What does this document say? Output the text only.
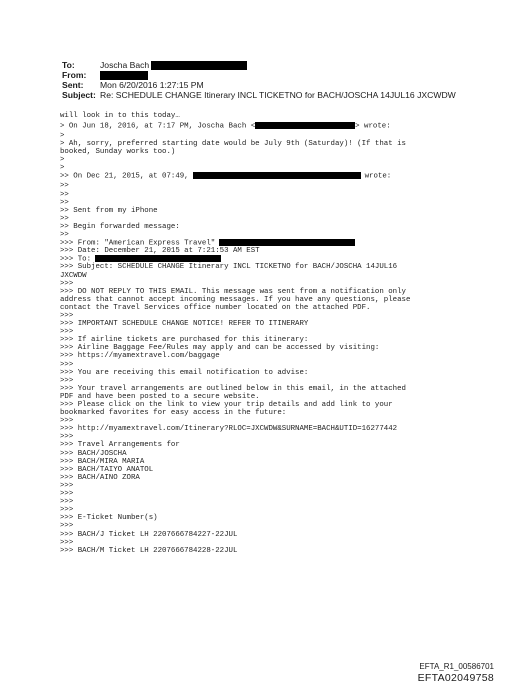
To:	Joscha Bach
From:
Sent:	Mon 6/20/2016 1:27:15 PM
Subject: Re: SCHEDULE CHANGE Itinerary INCL TICKETNO for BACH/JOSCHA 14JUL16 JXCWDW
will look in to this today…
> On Jun 18, 2016, at 7:17 PM, Joscha Bach <	> wrote:
>
> Ah, sorry, preferred starting date would be July 9th (Saturday)! (If that is
booked, Sunday works too.)
>
>
>> On Dec 21, 2015, at 07:49,	wrote:
>>
>>
>>
>> Sent from my iPhone
>>
>> Begin forwarded message:
>>
>>> From: "American Express Travel"
>>> Date: December 21, 2015 at 7:21:53 AM EST
>>> To:
>>> Subject: SCHEDULE CHANGE Itinerary INCL TICKETNO for BACH/JOSCHA 14JUL16
JXCWDW
>>>
>>> DO NOT REPLY TO THIS EMAIL. This message was sent from a notification only
address that cannot accept incoming messages. If you have any questions, please
contact the Travel Services office number located on the attached PDF.
>>>
>>> IMPORTANT SCHEDULE CHANGE NOTICE! REFER TO ITINERARY
>>>
>>> If airline tickets are purchased for this itinerary:
>>> Airline Baggage Fee/Rules may apply and can be accessed by visiting:
>>> https://myamextravel.com/baggage
>>>
>>> You are receiving this email notification to advise:
>>>
>>> Your travel arrangements are outlined below in this email, in the attached
PDF and have been posted to a secure website.
>>> Please click on the link to view your trip details and add link to your
bookmarked favorites for easy access in the future:
>>>
>>> http://myamextravel.com/Itinerary?RLOC=JXCWDW&SURNAME=BACH&UTID=16277442
>>>
>>> Travel Arrangements for
>>> BACH/JOSCHA
>>> BACH/MIRA MARIA
>>> BACH/TAIYO ANATOL
>>> BACH/AINO ZORA
>>>
>>>
>>>
>>>
>>> E-Ticket Number(s)
>>>
>>> BACH/J Ticket LH 2207666784227-22JUL
>>>
>>> BACH/M Ticket LH 2207666784228-22JUL
EFTA_R1_00586701
EFTA02049758
